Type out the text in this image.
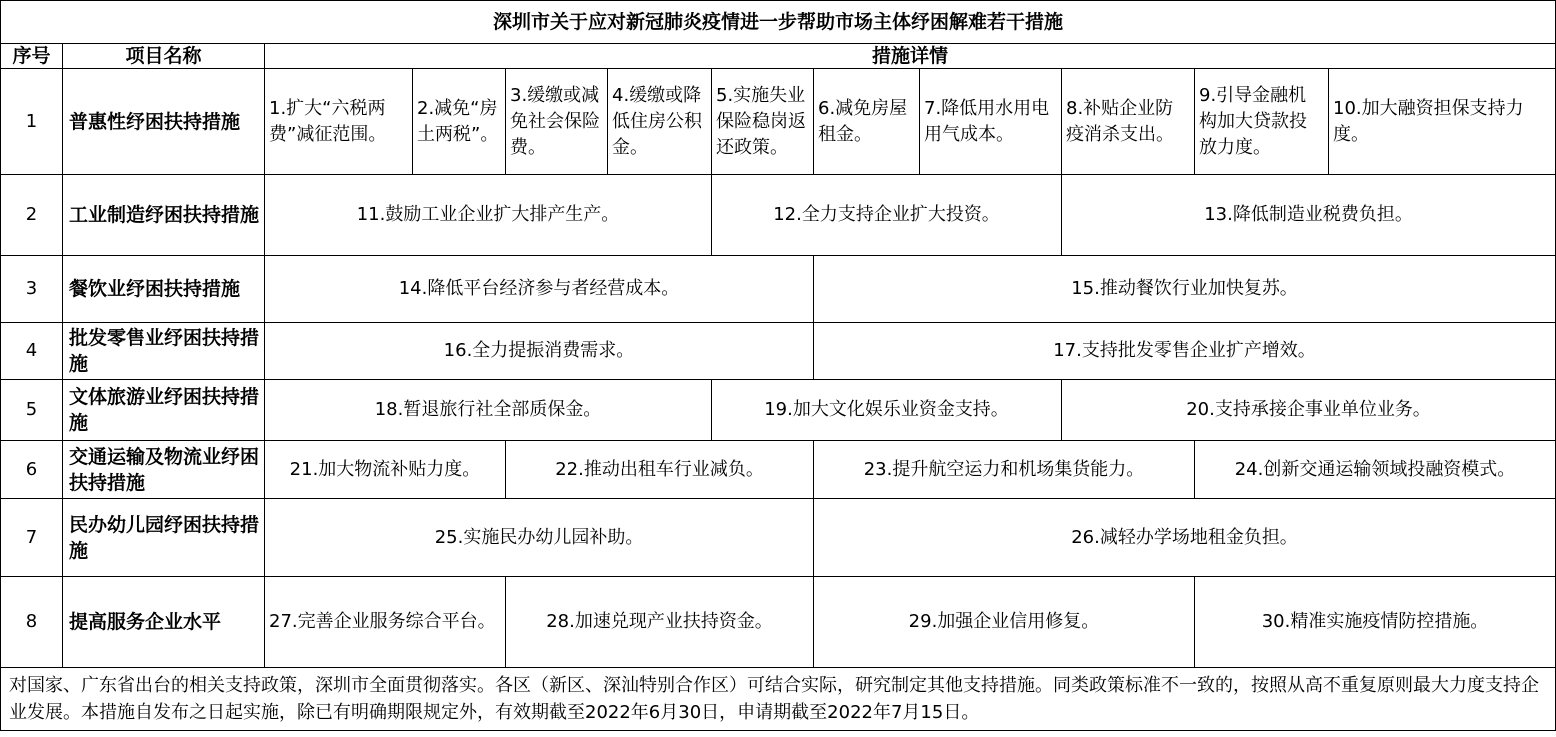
深圳市关于应对新冠肺炎疫情进一步帮助市场主体纾困解难若干措施											
序号	项目名称	措施详情									
1	普惠性纾困扶持措施	1.扩大“六税两费”减征范围。	2.减免“房土两税”。	3.缓缴或减免社会保险费。	4.缓缴或降低住房公积金。	5.实施失业保险稳岗返还政策。	6.减免房屋租金。	7.降低用水用电用气成本。	8.补贴企业防疫消杀支出。	9.引导金融机构加大贷款投放力度。	10.加大融资担保支持力度。
2	工业制造纾困扶持措施	11.鼓励工业企业扩大排产生产。				12.全力支持企业扩大投资。			13.降低制造业税费负担。		
3	餐饮业纾困扶持措施	14.降低平台经济参与者经营成本。					15.推动餐饮行业加快复苏。				
4	批发零售业纾困扶持措施	16.全力提振消费需求。					17.支持批发零售企业扩产增效。				
5	文体旅游业纾困扶持措施	18.暂退旅行社全部质保金。				19.加大文化娱乐业资金支持。			20.支持承接企事业单位业务。		
6	交通运输及物流业纾困扶持措施	21.加大物流补贴力度。		22.推动出租车行业减负。			23.提升航空运力和机场集货能力。			24.创新交通运输领域投融资模式。	
7	民办幼儿园纾困扶持措施	25.实施民办幼儿园补助。					26.减轻办学场地租金负担。				
8	提高服务企业水平	27.完善企业服务综合平台。		28.加速兑现产业扶持资金。			29.加强企业信用修复。			30.精准实施疫情防控措施。	
对国家、广东省出台的相关支持政策，深圳市全面贯彻落实。各区（新区、深汕特别合作区）可结合实际，研究制定其他支持措施。同类政策标准不一致的，按照从高不重复原则最大力度支持企业发展。本措施自发布之日起实施，除已有明确期限规定外，有效期截至2022年6月30日，申请期截至2022年7月15日。											
